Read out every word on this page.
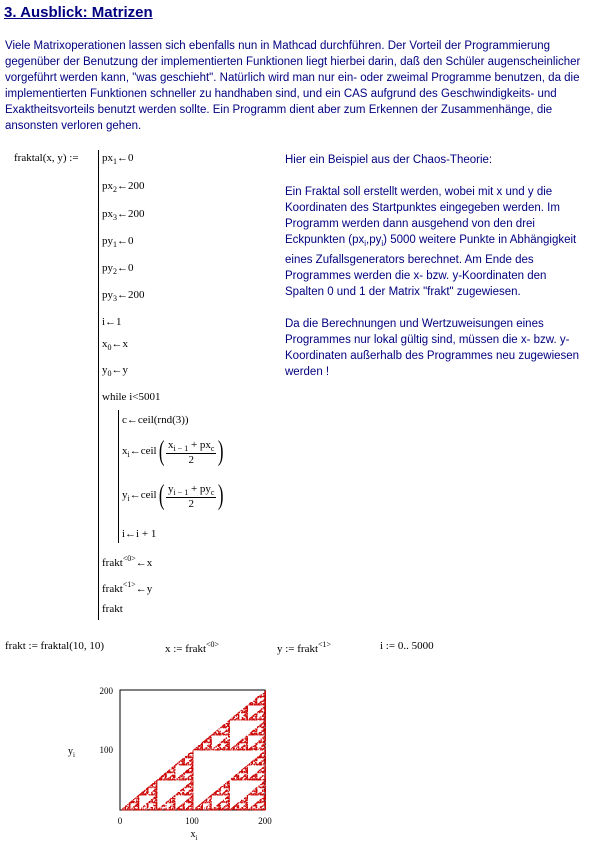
3. Ausblick: Matrizen

Viele Matrixoperationen lassen sich ebenfalls nun in Mathcad durchführen. Der Vorteil der Programmierung gegenüber der Benutzung der implementierten Funktionen liegt hierbei darin, daß den Schüler augenscheinlicher vorgeführt werden kann, "was geschieht". Natürlich wird man nur ein- oder zweimal Programme benutzen, da die implementierten Funktionen schneller zu handhaben sind, und ein CAS aufgrund des Geschwindigkeits- und Exaktheitsvorteils benutzt werden sollte. Ein Programm dient aber zum Erkennen der Zusammenhänge, die ansonsten verloren gehen.

fraktal(x, y) := $px_1\leftarrow 0$
$px_2\leftarrow 200$
$px_3\leftarrow 200$
$py_1\leftarrow 0$
$py_2\leftarrow 0$
$py_3\leftarrow 200$
i←1
$x_0\leftarrow x$
$y_0\leftarrow y$
while i<5001
c←ceil(rnd(3))
$x_i\leftarrow ceil( \frac{x_{i - 1} + px_c}{2}$ )
$y_i\leftarrow ceil( \frac{y_{i - 1} + py_c}{2}$ )
i←i + 1
frakt$^{<0>}$←x
frakt$^{<1>}$←y
frakt

Hier ein Beispiel aus der Chaos-Theorie:

Ein Fraktal soll erstellt werden, wobei mit x und y die Koordinaten des Startpunktes eingegeben werden. Im Programm werden dann ausgehend von den drei Eckpunkten $(px_i,py_i)$ 5000 weitere Punkte in Abhängigkeit eines Zufallsgenerators berechnet. Am Ende des Programmes werden die x- bzw. y-Koordinaten den Spalten 0 und 1 der Matrix "frakt" zugewiesen.

Da die Berechnungen und Wertzuweisungen eines Programmes nur lokal gültig sind, müssen die x- bzw. y-Koordinaten außerhalb des Programmes neu zugewiesen werden !

frakt := fraktal(10, 10)	x := frakt$^{<0>}$	y := frakt$^{<1>}$	i := 0.. 5000
200
100
0	100	200
$x_i$
$y_i$
